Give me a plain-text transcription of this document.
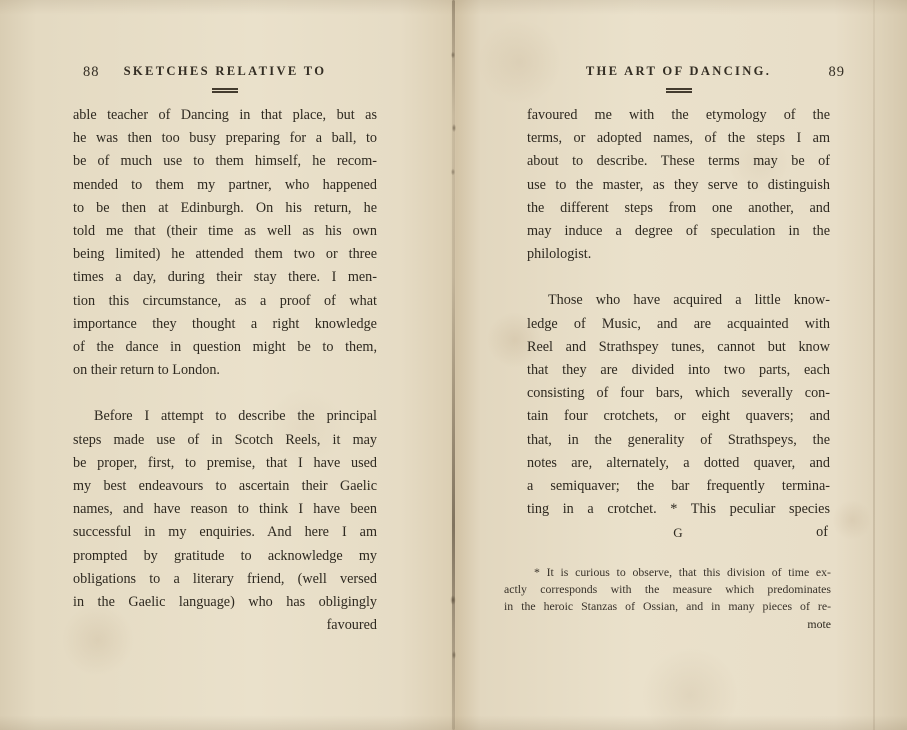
88	SKETCHES RELATIVE TO
able teacher of Dancing in that place, but as
he was then too busy preparing for a ball, to
be of much use to them himself, he recom-
mended to them my partner, who happened
to be then at Edinburgh. On his return, he
told me that (their time as well as his own
being limited) he attended them two or three
times a day, during their stay there. I men-
tion this circumstance, as a proof of what
importance they thought a right knowledge
of the dance in question might be to them,
on their return to London.
Before I attempt to describe the principal
steps made use of in Scotch Reels, it may
be proper, first, to premise, that I have used
my best endeavours to ascertain their Gaelic
names, and have reason to think I have been
successful in my enquiries. And here I am
prompted by gratitude to acknowledge my
obligations to a literary friend, (well versed
in the Gaelic language) who has obligingly
favoured
89
THE ART OF DANCING.
favoured me with the etymology of the
terms, or adopted names, of the steps I am
about to describe. These terms may be of
use to the master, as they serve to distinguish
the different steps from one another, and
may induce a degree of speculation in the
philologist.
Those who have acquired a little know-
ledge of Music, and are acquainted with
Reel and Strathspey tunes, cannot but know
that they are divided into two parts, each
consisting of four bars, which severally con-
tain four crotchets, or eight quavers; and
that, in the generality of Strathspeys, the
notes are, alternately, a dotted quaver, and
a semiquaver; the bar frequently termina-
ting in a crotchet. * This peculiar species
G	of
* It is curious to observe, that this division of time ex-
actly corresponds with the measure which predominates
in the heroic Stanzas of Ossian, and in many pieces of re-
mote
